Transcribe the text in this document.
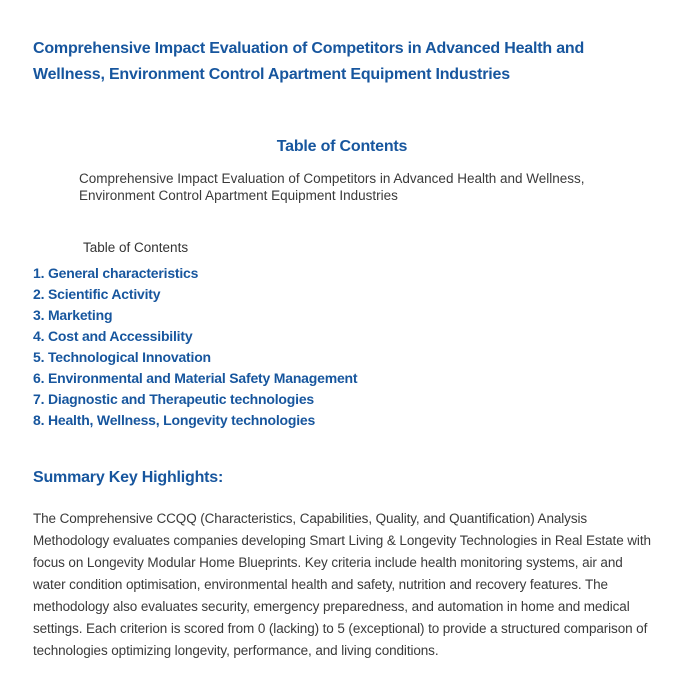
Comprehensive Impact Evaluation of Competitors in Advanced Health and Wellness, Environment Control Apartment Equipment Industries
Table of Contents

Comprehensive Impact Evaluation of Competitors in Advanced Health and Wellness, Environment Control Apartment Equipment Industries

Table of Contents

1. General characteristics
2. Scientific Activity
3. Marketing
4. Cost and Accessibility
5. Technological Innovation
6. Environmental and Material Safety Management
7. Diagnostic and Therapeutic technologies
8. Health, Wellness, Longevity technologies
Summary Key Highlights:

The Comprehensive CCQQ (Characteristics, Capabilities, Quality, and Quantification) Analysis Methodology evaluates companies developing Smart Living & Longevity Technologies in Real Estate with focus on Longevity Modular Home Blueprints. Key criteria include health monitoring systems, air and water condition optimisation, environmental health and safety, nutrition and recovery features. The methodology also evaluates security, emergency preparedness, and automation in home and medical settings. Each criterion is scored from 0 (lacking) to 5 (exceptional) to provide a structured comparison of technologies optimizing longevity, performance, and living conditions.
